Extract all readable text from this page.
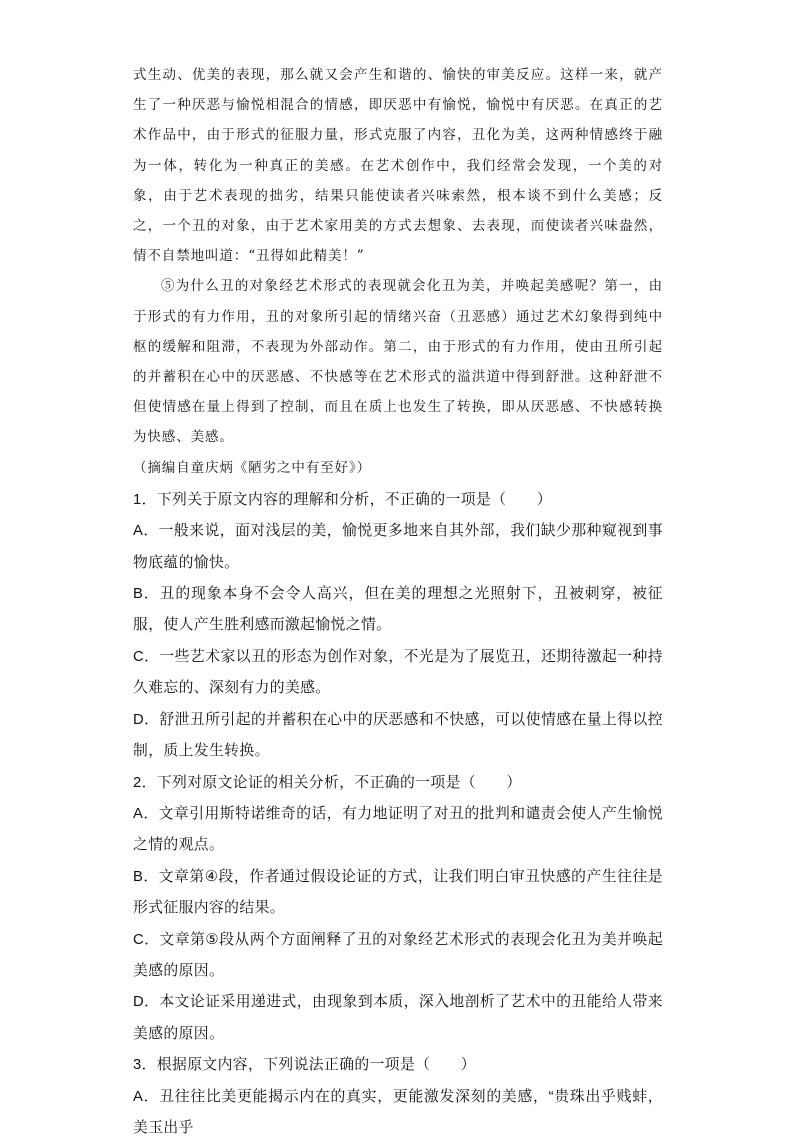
式生动、优美的表现，那么就又会产生和谐的、愉快的审美反应。这样一来，就产生了一种厌恶与愉悦相混合的情感，即厌恶中有愉悦，愉悦中有厌恶。在真正的艺术作品中，由于形式的征服力量，形式克服了内容，丑化为美，这两种情感终于融为一体，转化为一种真正的美感。在艺术创作中，我们经常会发现，一个美的对象，由于艺术表现的拙劣，结果只能使读者兴味索然，根本谈不到什么美感；反之，一个丑的对象，由于艺术家用美的方式去想象、去表现，而使读者兴味盎然，情不自禁地叫道：“丑得如此精美！”

⑤为什么丑的对象经艺术形式的表现就会化丑为美，并唤起美感呢？第一，由于形式的有力作用，丑的对象所引起的情绪兴奋（丑恶感）通过艺术幻象得到纯中枢的缓解和阻滞，不表现为外部动作。第二，由于形式的有力作用，使由丑所引起的并蓄积在心中的厌恶感、不快感等在艺术形式的溢洪道中得到舒泄。这种舒泄不但使情感在量上得到了控制，而且在质上也发生了转换，即从厌恶感、不快感转换为快感、美感。

（摘编自童庆炳《陋劣之中有至好》）

1．下列关于原文内容的理解和分析，不正确的一项是（　　）

A．一般来说，面对浅层的美，愉悦更多地来自其外部，我们缺少那种窥视到事物底蕴的愉快。

B．丑的现象本身不会令人高兴，但在美的理想之光照射下，丑被刺穿，被征服，使人产生胜利感而激起愉悦之情。

C．一些艺术家以丑的形态为创作对象，不光是为了展览丑，还期待激起一种持久难忘的、深刻有力的美感。

D．舒泄丑所引起的并蓄积在心中的厌恶感和不快感，可以使情感在量上得以控制，质上发生转换。

2．下列对原文论证的相关分析，不正确的一项是（　　）

A．文章引用斯特诺维奇的话，有力地证明了对丑的批判和谴责会使人产生愉悦之情的观点。

B．文章第④段，作者通过假设论证的方式，让我们明白审丑快感的产生往往是形式征服内容的结果。

C．文章第⑤段从两个方面阐释了丑的对象经艺术形式的表现会化丑为美并唤起美感的原因。

D．本文论证采用递进式，由现象到本质，深入地剖析了艺术中的丑能给人带来美感的原因。

3．根据原文内容，下列说法正确的一项是（　　）

A．丑往往比美更能揭示内在的真实，更能激发深刻的美感，“贵珠出乎贱蚌，美玉出乎
